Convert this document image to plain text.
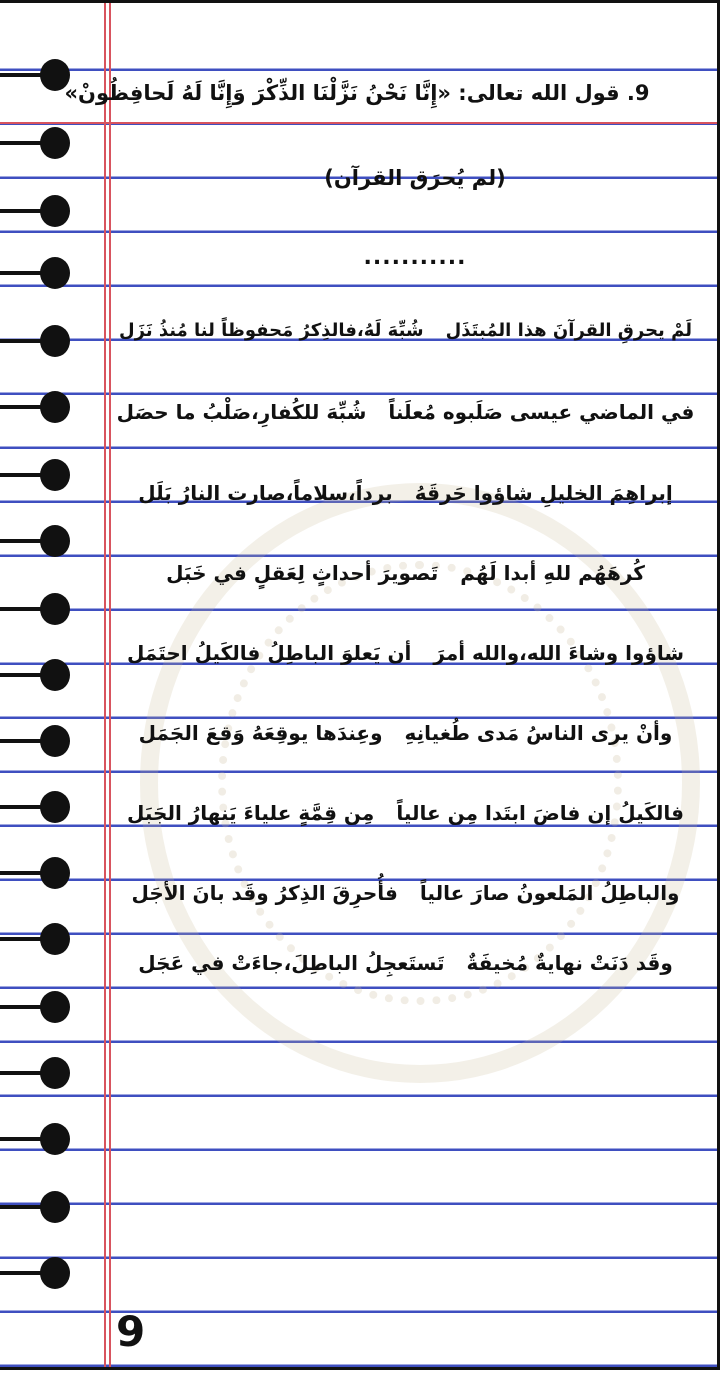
9. قول الله تعالى: «إِنَّا نَحْنُ نَزَّلْنَا الذِّكْرَ وَإِنَّا لَهُ لَحافِظُونْ»
(لم يُحرَق القرآن)
...........
لَمْ يحرقِ القرآنَ هذا المُبتَذَل
شُبِّهَ لَهُ،فالذِكرُ مَحفوظاً لنا مُنذُ نَزَل
في الماضي عيسى صَلَبوه مُعلَناً
شُبِّهَ للكُفارِ،صَلْبُ ما حصَل
إبراهِمَ الخليلِ شاؤوا حَرقَهُ
برداً،سلاماً،صارت النارُ بَلَل
كُرهَهُم للهِ أبدا لَهُم
تَصويرَ أحداثٍ لِعَقلٍ في خَبَل
شاؤوا وشاءَ الله،والله أمرَ
أن يَعلوَ الباطِلُ فالكَيلُ احتَمَل
وأنْ يرى الناسُ مَدى طُغيانِهِ
وعِندَها يوقِعَهُ وَقعَ الجَمَل
فالكَيلُ إن فاضَ ابتَدا مِن عالياً
مِن قِمَّةٍ علياءَ يَنهارُ الجَبَل
والباطِلُ المَلعونُ صارَ عالياً
فأُحرِقَ الذِكرُ وقَد بانَ الأجَل
وقَد دَنَتْ نهايةٌ مُخيفَةٌ
تَستَعجِلُ الباطِلَ،جاءَتْ في عَجَل
9
